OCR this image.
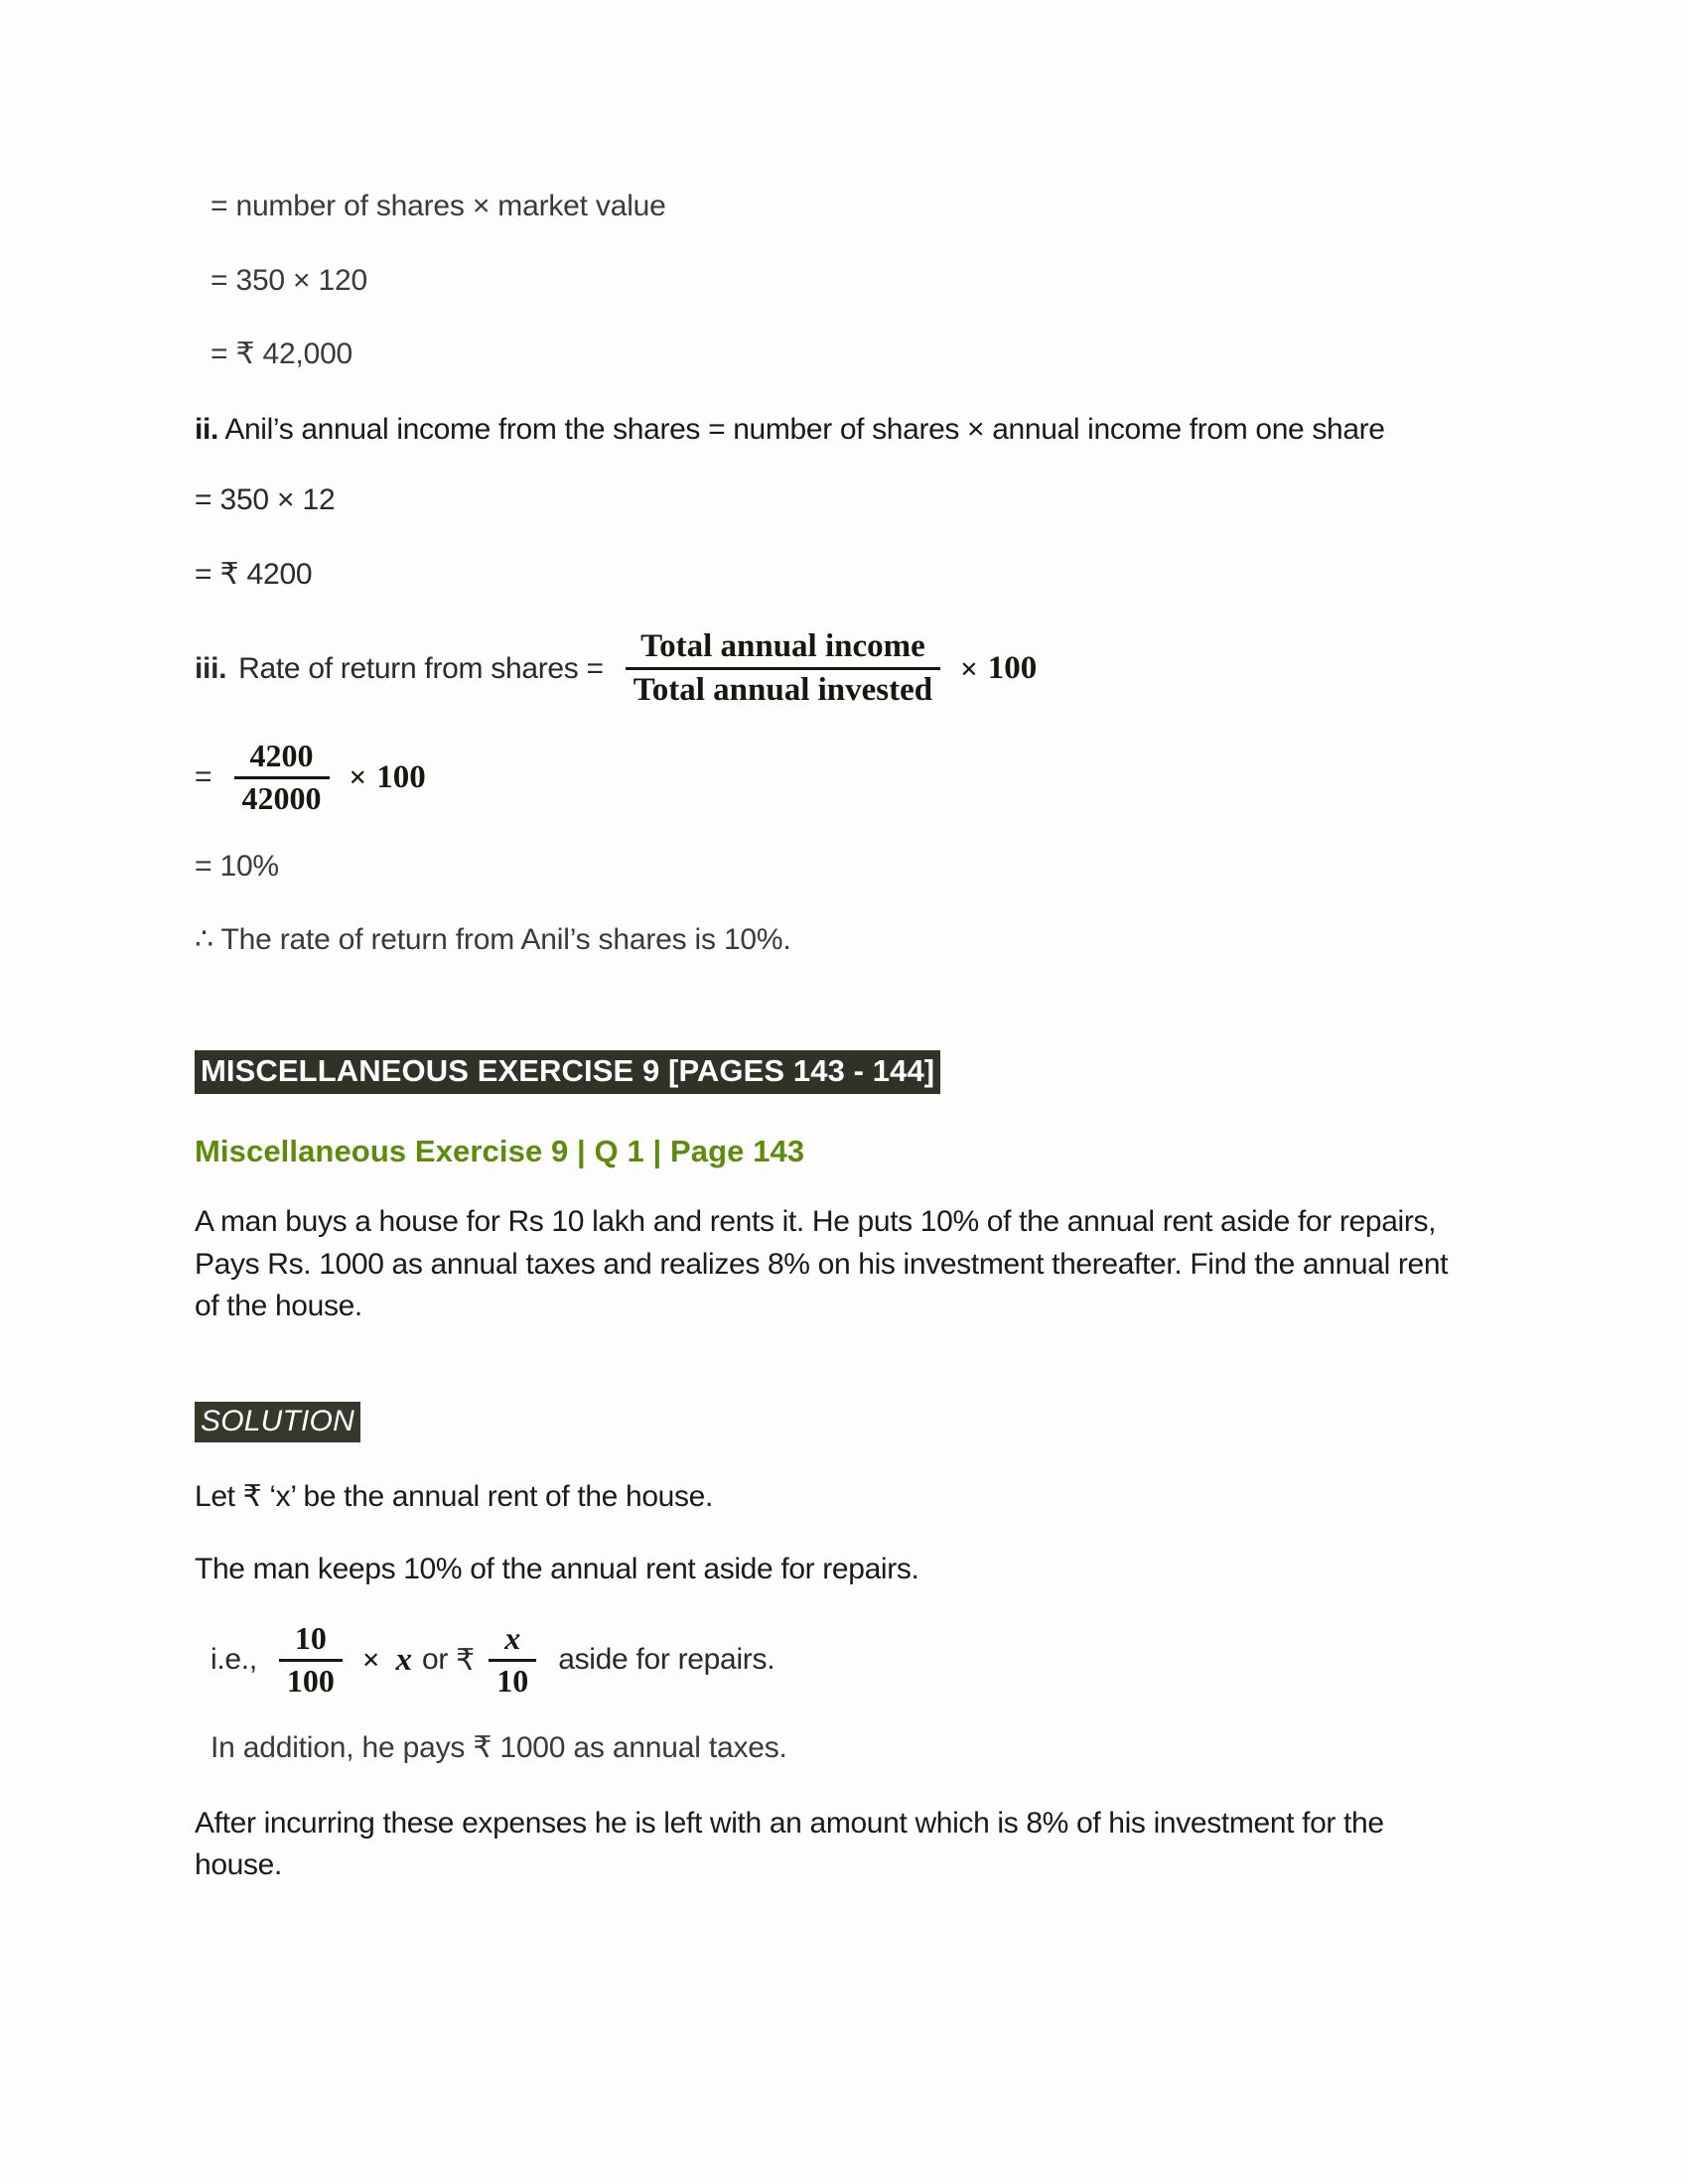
= number of shares × market value

= 350 × 120

= ₹ 42,000

ii. Anil’s annual income from the shares = number of shares × annual income from one share

= 350 × 12

= ₹ 4200

iii. Rate of return from shares = $\frac{\text{Total annual income}}{\text{Total annual invested}} \times 100$
= $\frac{4200}{42000} \times 100$

= 10%

∴ The rate of return from Anil’s shares is 10%.

MISCELLANEOUS EXERCISE 9 [PAGES 143 - 144]

Miscellaneous Exercise 9 | Q 1 | Page 143

A man buys a house for Rs 10 lakh and rents it. He puts 10% of the annual rent aside for repairs, Pays Rs. 1000 as annual taxes and realizes 8% on his investment thereafter. Find the annual rent of the house.

SOLUTION

Let ₹ ‘x’ be the annual rent of the house.

The man keeps 10% of the annual rent aside for repairs.

i.e., $\frac{10}{100} \times x$ or ₹ $\frac{x}{10}$ aside for repairs.

In addition, he pays ₹ 1000 as annual taxes.

After incurring these expenses he is left with an amount which is 8% of his investment for the house.
